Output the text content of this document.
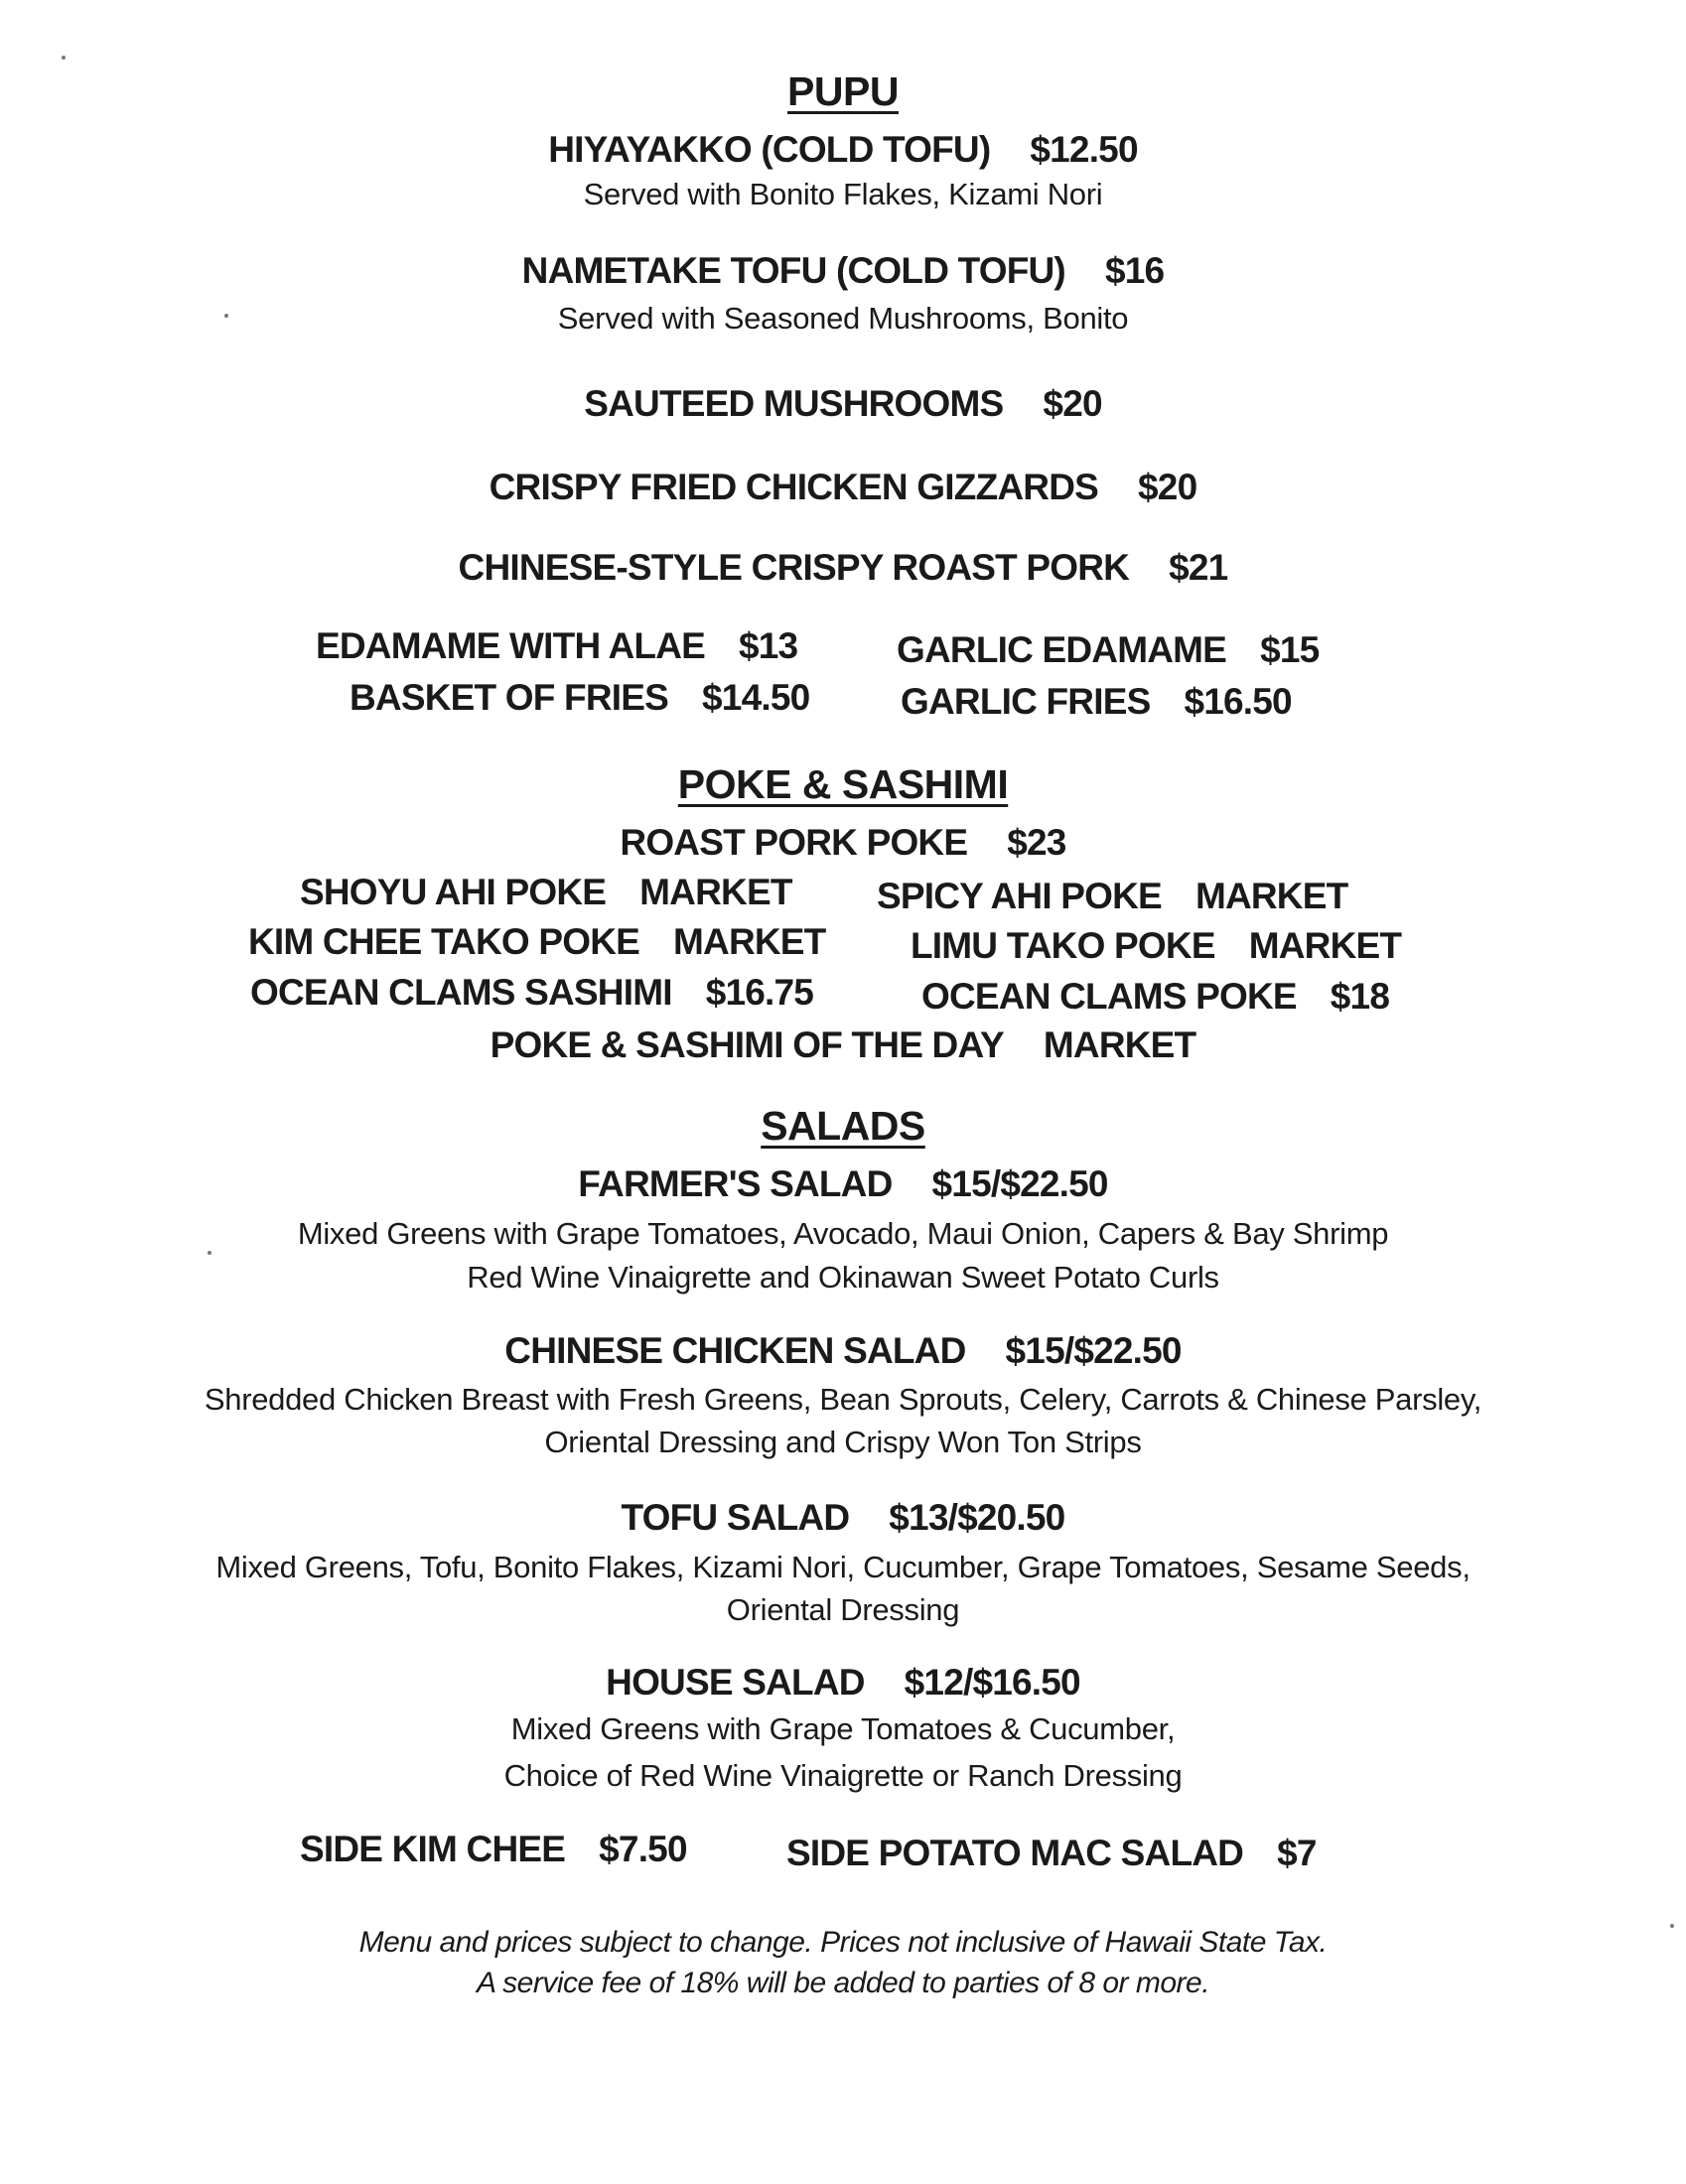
PUPU
HIYAYAKKO (COLD TOFU) $12.50
Served with Bonito Flakes, Kizami Nori
NAMETAKE TOFU (COLD TOFU) $16
Served with Seasoned Mushrooms, Bonito
SAUTEED MUSHROOMS $20
CRISPY FRIED CHICKEN GIZZARDS $20
CHINESE-STYLE CRISPY ROAST PORK $21
EDAMAME WITH ALAE $13	GARLIC EDAMAME $15
BASKET OF FRIES $14.50 GARLIC FRIES $16.50
POKE & SASHIMI
ROAST PORK POKE $23
SHOYU AHI POKE MARKET SPICY AHI POKE MARKET
KIM CHEE TAKO POKE MARKET LIMU TAKO POKE MARKET
OCEAN CLAMS SASHIMI $16.75	OCEAN CLAMS POKE $18
POKE & SASHIMI OF THE DAY MARKET
SALADS
FARMER'S SALAD $15/$22.50
Mixed Greens with Grape Tomatoes, Avocado, Maui Onion, Capers & Bay Shrimp
Red Wine Vinaigrette and Okinawan Sweet Potato Curls
CHINESE CHICKEN SALAD $15/$22.50
Shredded Chicken Breast with Fresh Greens, Bean Sprouts, Celery, Carrots & Chinese Parsley,
Oriental Dressing and Crispy Won Ton Strips
TOFU SALAD $13/$20.50
Mixed Greens, Tofu, Bonito Flakes, Kizami Nori, Cucumber, Grape Tomatoes, Sesame Seeds,
Oriental Dressing
HOUSE SALAD $12/$16.50
Mixed Greens with Grape Tomatoes & Cucumber,
Choice of Red Wine Vinaigrette or Ranch Dressing
SIDE KIM CHEE $7.50	SIDE POTATO MAC SALAD $7
Menu and prices subject to change. Prices not inclusive of Hawaii State Tax.
A service fee of 18% will be added to parties of 8 or more.
